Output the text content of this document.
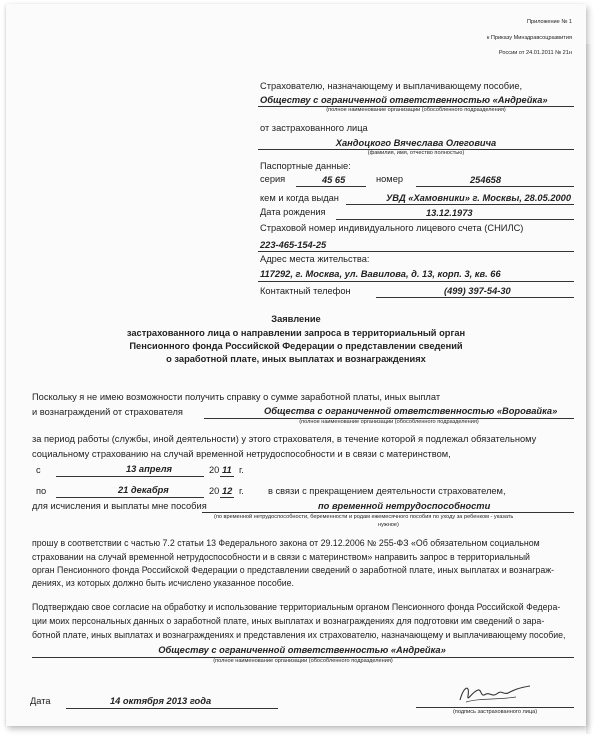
Приложение № 1
к Приказу Минздравсоцразвития
России от 24.01.2011 № 21н
Страхователю, назначающему и выплачивающему пособие,
Обществу с ограниченной ответственностью «Андрейка»
(полное наименование организации (обособленного подразделения)
от застрахованного лица
Хандоцкого Вячеслава Олеговича
(фамилия, имя, отчество полностью)
Паспортные данные:
серия	45 65	номер	254658
кем и когда выдан	УВД «Хамовники» г. Москвы, 28.05.2000
Дата рождения	13.12.1973
Страховой номер индивидуального лицевого счета (СНИЛС)
223-465-154-25
Адрес места жительства:
117292, г. Москва, ул. Вавилова, д. 13, корп. 3, кв. 66
Контактный телефон	(499) 397-54-30
Заявление
застрахованного лица о направлении запроса в территориальный орган
Пенсионного фонда Российской Федерации о представлении сведений
о заработной плате, иных выплатах и вознаграждениях
Поскольку я не имею возможности получить справку о сумме заработной платы, иных выплат
и вознаграждений от страхователя	Общества с ограниченной ответственностью «Воровайка»
(полное наименование организации (обособленного подразделения)
за период работы (службы, иной деятельности) у этого страхователя, в течение которой я подлежал обязательному
социальному страхованию на случай временной нетрудоспособности и в связи с материнством,
с	13 апреля	20 11 г.
по	21 декабря	20 12 г.	в связи с прекращением деятельности страхователем,
для исчисления и выплаты мне пособия	по временной нетрудоспособности
(по временной нетрудоспособности, беременности и родам ежемесячного пособия по уходу за ребенком - указать
нужное)
прошу в соответствии с частью 7.2 статьи 13 Федерального закона от 29.12.2006 № 255-ФЗ «Об обязательном социальном
страховании на случай временной нетрудоспособности и в связи с материнством» направить запрос в территориальный
орган Пенсионного фонда Российской Федерации о представлении сведений о заработной плате, иных выплатах и вознаграж-
дениях, из которых должно быть исчислено указанное пособие.
Подтверждаю свое согласие на обработку и использование территориальным органом Пенсионного фонда Российской Федера-
ции моих персональных данных о заработной плате, иных выплатах и вознаграждениях для подготовки им сведений о зара-
ботной плате, иных выплатах и вознаграждениях и представления их страхователю, назначающему и выплачивающему пособие,
Обществу с ограниченной ответственностью «Андрейка»
(полное наименование организации (обособленного подразделения)
Дата	14 октября 2013 года
(подпись застрахованного лица)
